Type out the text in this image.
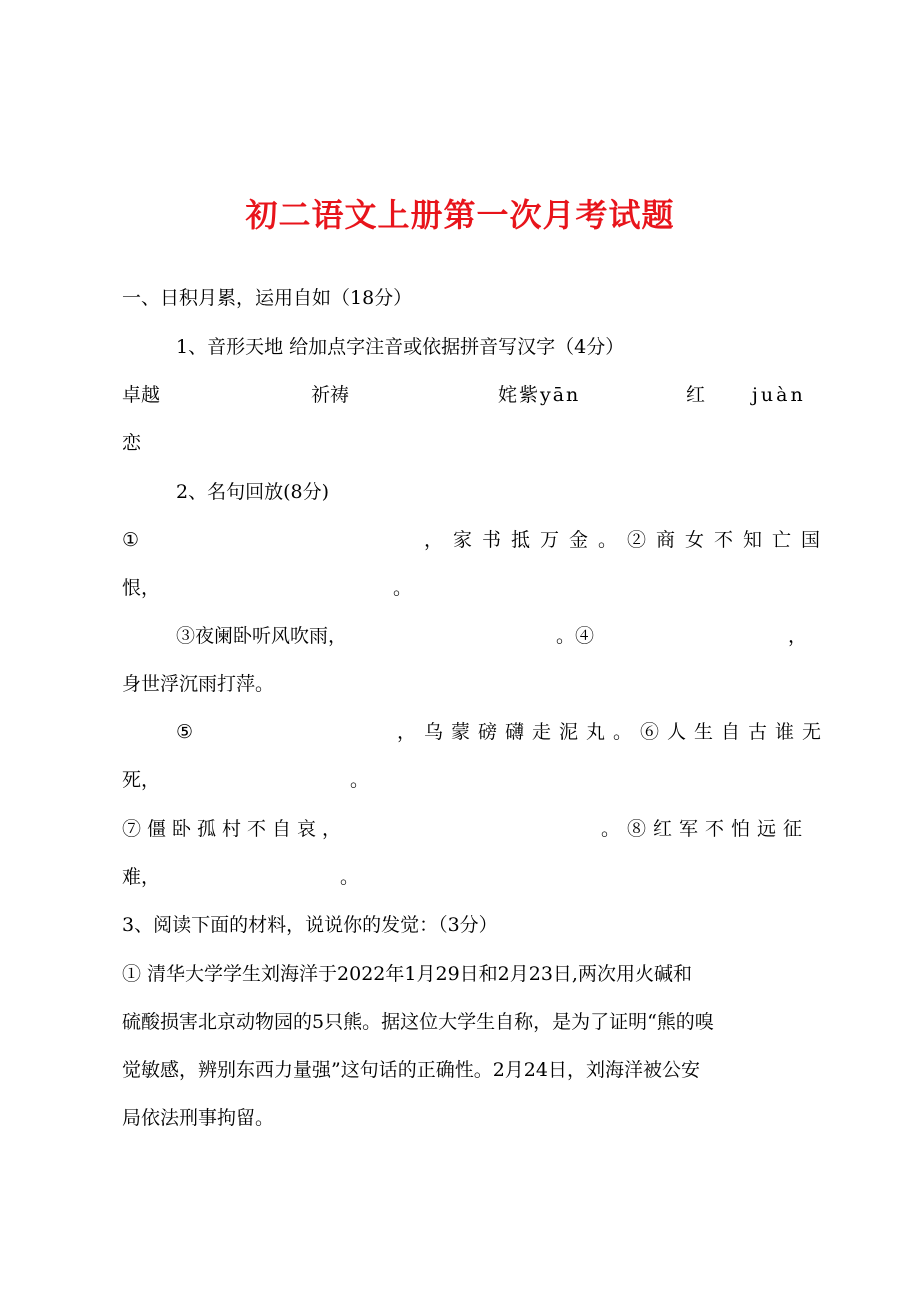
初二语文上册第一次月考试题
一、日积月累，运用自如（18分）
1、音形天地 给加点字注音或依据拼音写汉字（4分）
卓越	祈祷	姹紫yān	红 juàn
恋
2、名句回放(8分)
①	，家书抵万金。②商女不知亡国
恨，	。
③夜阑卧听风吹雨，	。④	，
身世浮沉雨打萍。
⑤	，乌蒙磅礴走泥丸。⑥人生自古谁无
死，	。
⑦僵卧孤村不自哀，	。⑧红军不怕远征
难，	。
3、阅读下面的材料，说说你的发觉：（3分）
① 清华大学学生刘海洋于2022年1月29日和2月23日,两次用火碱和
硫酸损害北京动物园的5只熊。据这位大学生自称，是为了证明“熊的嗅
觉敏感，辨别东西力量强”这句话的正确性。2月24日，刘海洋被公安
局依法刑事拘留。
